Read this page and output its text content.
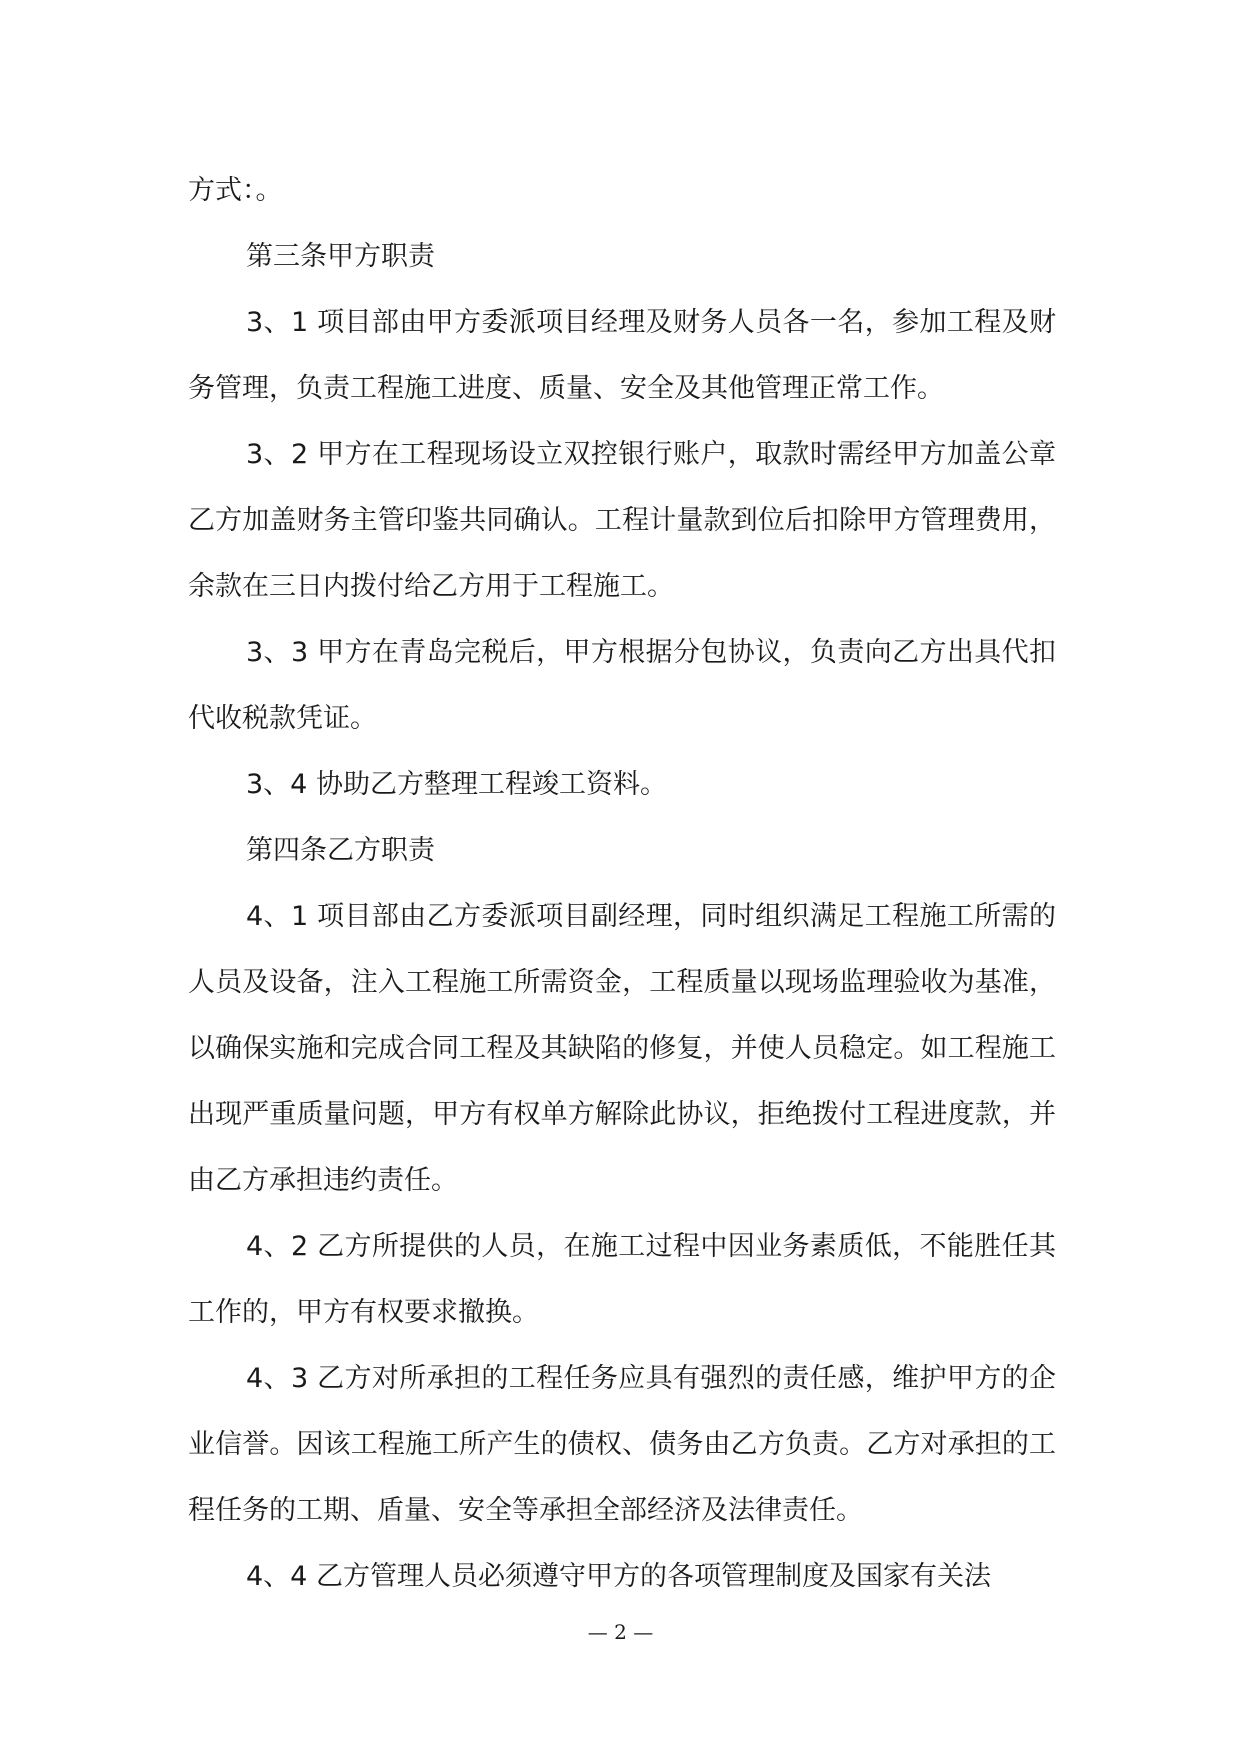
方式：。

第三条甲方职责

3、1 项目部由甲方委派项目经理及财务人员各一名，参加工程及财务管理，负责工程施工进度、质量、安全及其他管理正常工作。

3、2 甲方在工程现场设立双控银行账户，取款时需经甲方加盖公章乙方加盖财务主管印鉴共同确认。工程计量款到位后扣除甲方管理费用，余款在三日内拨付给乙方用于工程施工。

3、3 甲方在青岛完税后，甲方根据分包协议，负责向乙方出具代扣代收税款凭证。

3、4 协助乙方整理工程竣工资料。

第四条乙方职责

4、1 项目部由乙方委派项目副经理，同时组织满足工程施工所需的人员及设备，注入工程施工所需资金，工程质量以现场监理验收为基准，以确保实施和完成合同工程及其缺陷的修复，并使人员稳定。如工程施工出现严重质量问题，甲方有权单方解除此协议，拒绝拨付工程进度款，并由乙方承担违约责任。

4、2 乙方所提供的人员，在施工过程中因业务素质低，不能胜任其工作的，甲方有权要求撤换。

4、3 乙方对所承担的工程任务应具有强烈的责任感，维护甲方的企业信誉。因该工程施工所产生的债权、债务由乙方负责。乙方对承担的工程任务的工期、盾量、安全等承担全部经济及法律责任。

4、4 乙方管理人员必须遵守甲方的各项管理制度及国家有关法

— 2 —
